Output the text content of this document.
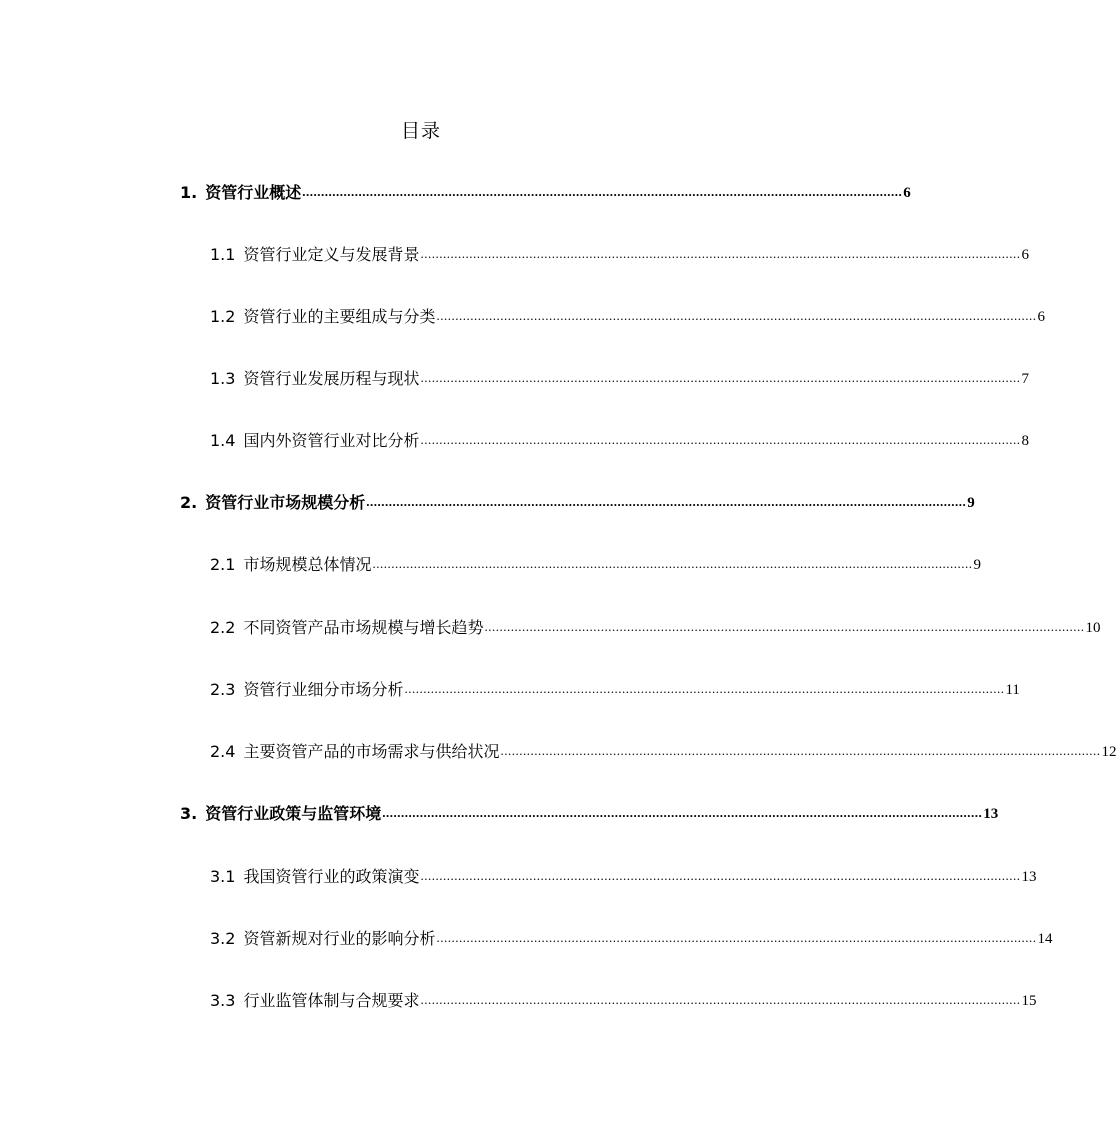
目录
1. 资管行业概述 ................................................................................................................................................................ 6
1.1 资管行业定义与发展背景 ................................................................................................................................................................ 6
1.2 资管行业的主要组成与分类 ................................................................................................................................................................ 6
1.3 资管行业发展历程与现状 ................................................................................................................................................................ 7
1.4 国内外资管行业对比分析 ................................................................................................................................................................ 8
2. 资管行业市场规模分析 ................................................................................................................................................................ 9
2.1 市场规模总体情况 ................................................................................................................................................................ 9
2.2 不同资管产品市场规模与增长趋势 ................................................................................................................................................................ 10
2.3 资管行业细分市场分析 ................................................................................................................................................................ 11
2.4 主要资管产品的市场需求与供给状况 ................................................................................................................................................................ 12
3. 资管行业政策与监管环境 ................................................................................................................................................................ 13
3.1 我国资管行业的政策演变 ................................................................................................................................................................ 13
3.2 资管新规对行业的影响分析 ................................................................................................................................................................ 14
3.3 行业监管体制与合规要求 ................................................................................................................................................................ 15
